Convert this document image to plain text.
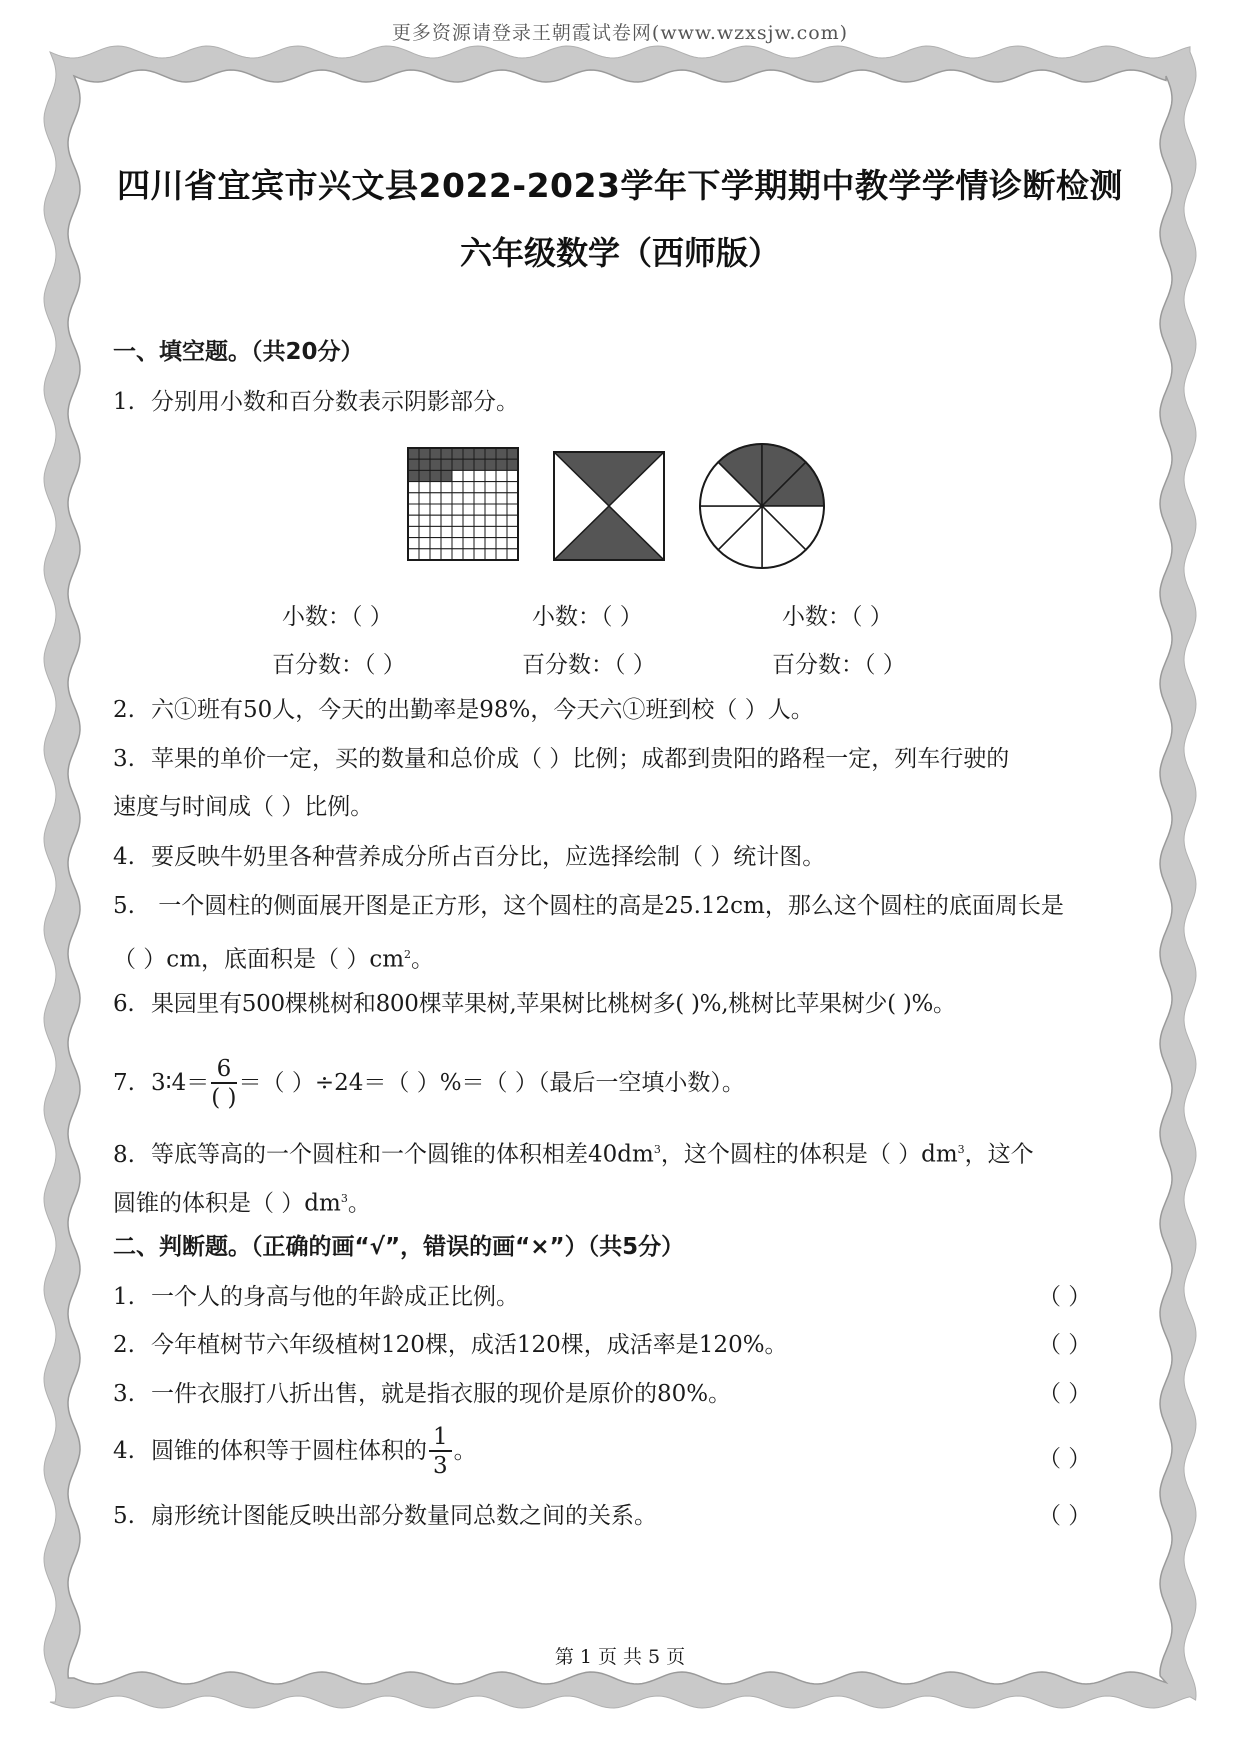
更多资源请登录王朝霞试卷网(www.wzxsjw.com)
四川省宜宾市兴文县2022-2023学年下学期期中教学学情诊断检测
六年级数学（西师版）
一、填空题。（共20分）
1. 分别用小数和百分数表示阴影部分。
小数：（ ）	小数：（ ）	小数：（ ）
百分数：（ ）	百分数：（ ）	百分数：（ ）
2. 六①班有50人，今天的出勤率是98%，今天六①班到校（ ）人。
3. 苹果的单价一定，买的数量和总价成（ ）比例；成都到贵阳的路程一定，列车行驶的
速度与时间成（ ）比例。
4. 要反映牛奶里各种营养成分所占百分比，应选择绘制（ ）统计图。
5. 一个圆柱的侧面展开图是正方形，这个圆柱的高是25.12cm，那么这个圆柱的底面周长是
（ ）cm，底面积是（ ）$cm^2$。
6. 果园里有500棵桃树和800棵苹果树,苹果树比桃树多( )%,桃树比苹果树少( )%。
7. 3∶4＝ $\frac{6}{( )}$ ＝（ ）÷24＝（ ）%＝（ ）（最后一空填小数）。
8. 等底等高的一个圆柱和一个圆锥的体积相差$40dm^3$，这个圆柱的体积是（ ）$dm^3$，这个
圆锥的体积是（ ）$dm^3$。
二、判断题。（正确的画“√”，错误的画“×”）（共5分）
1. 一个人的身高与他的年龄成正比例。	（ ）
2. 今年植树节六年级植树120棵，成活120棵，成活率是120%。	（ ）
3. 一件衣服打八折出售，就是指衣服的现价是原价的80%。	（ ）
4. 圆锥的体积等于圆柱体积的 $\frac{1}{3}$ 。	（ ）
5. 扇形统计图能反映出部分数量同总数之间的关系。	（ ）
第 1 页 共 5 页
